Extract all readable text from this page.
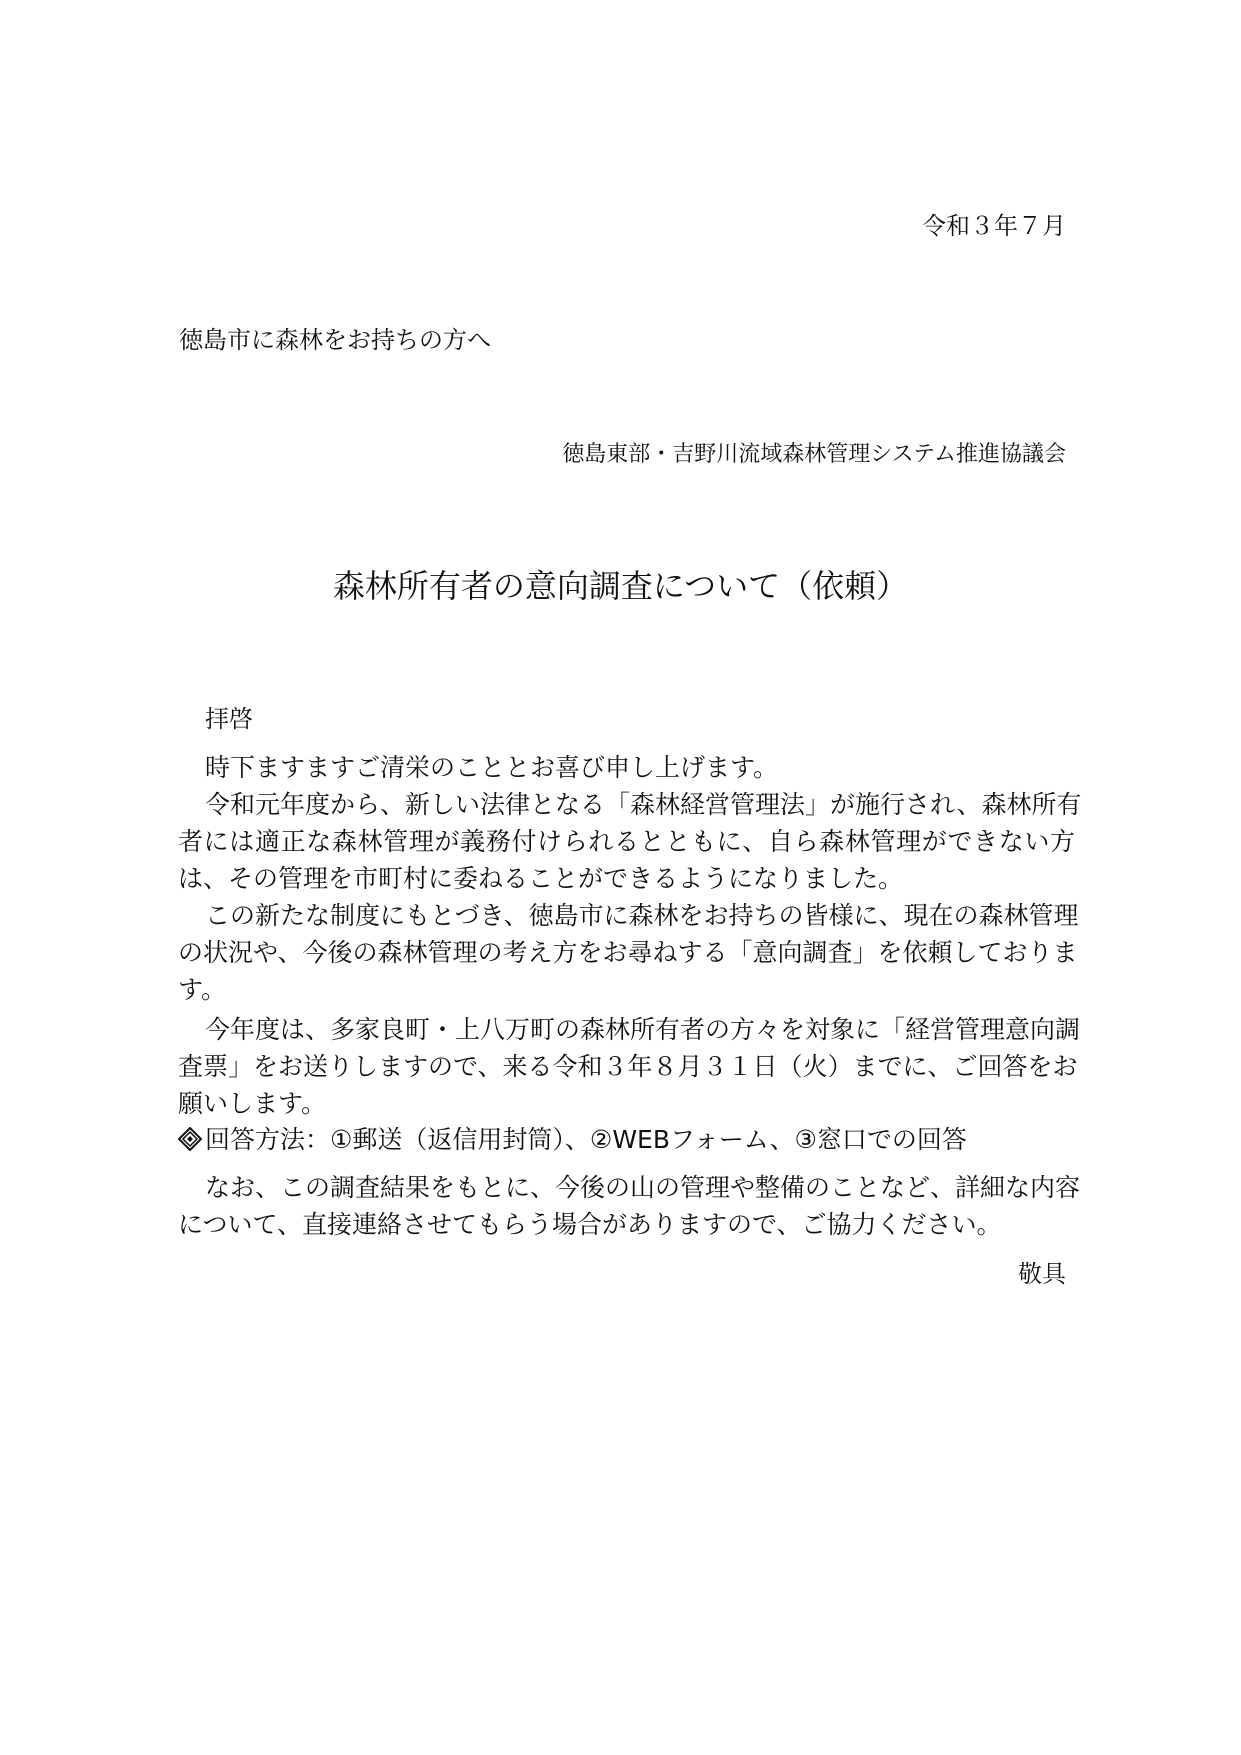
令和３年７月
徳島市に森林をお持ちの方へ
徳島東部・吉野川流域森林管理システム推進協議会
森林所有者の意向調査について（依頼）
拝啓
時下ますますご清栄のこととお喜び申し上げます。
令和元年度から、新しい法律となる「森林経営管理法」が施行され、森林所有
者には適正な森林管理が義務付けられるとともに、自ら森林管理ができない方
は、その管理を市町村に委ねることができるようになりました。
この新たな制度にもとづき、徳島市に森林をお持ちの皆様に、現在の森林管理
の状況や、今後の森林管理の考え方をお尋ねする「意向調査」を依頼しておりま
す。
今年度は、多家良町・上八万町の森林所有者の方々を対象に「経営管理意向調
査票」をお送りしますので、来る令和３年８月３１日（火）までに、ご回答をお
願いします。
回答方法：①郵送（返信用封筒）、②WEBフォーム、③窓口での回答
なお、この調査結果をもとに、今後の山の管理や整備のことなど、詳細な内容
について、直接連絡させてもらう場合がありますので、ご協力ください。
敬具
